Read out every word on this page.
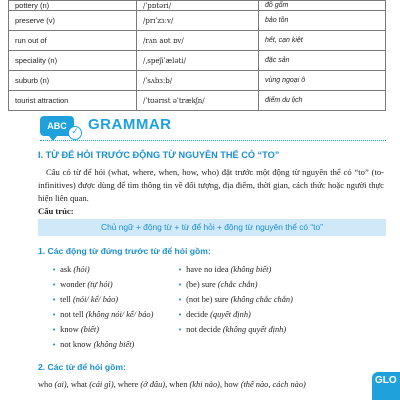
pottery (n)	/ˈpɒtəri/	đồ gốm
preserve (v)	/prɪˈzɜːv/	bảo tồn
run out of	/rʌn aʊt ɒv/	hết, cạn kiệt
speciality (n)	/ˌspeʃiˈæləti/	đặc sản
suburb (n)	/ˈsʌbɜːb/	vùng ngoại ô
tourist attraction	/ˈtʊərɪst əˈtrækʃn/	điểm du lịch
ABC
✓ GRAMMAR
I. TỪ ĐỂ HỎI TRƯỚC ĐỘNG TỪ NGUYÊN THỂ CÓ “TO”

Câu có từ để hỏi (what, where, when, how, who) đặt trước một động từ nguyên thể có “to” (to-infinitives) được dùng để tìm thông tin về đối tượng, địa điểm, thời gian, cách thức hoặc người thực hiện liên quan.

Cấu trúc:
Chủ ngữ + động từ + từ để hỏi + động từ nguyên thể có “to”
1. Các động từ đứng trước từ để hỏi gồm:
• ask (hỏi)
• wonder (tự hỏi)
• tell (nói/ kể/ bảo)
• not tell (không nói/ kể/ bảo)
• know (biết)
• not know (không biết)
• have no idea (không biết)
• (be) sure (chắc chắn)
• (not be) sure (không chắc chắn)
• decide (quyết định)
• not decide (không quyết định)
2. Các từ để hỏi gồm:
who (ai), what (cái gì), where (ở đâu), when (khi nào), how (thế nào, cách nào)	GLO
